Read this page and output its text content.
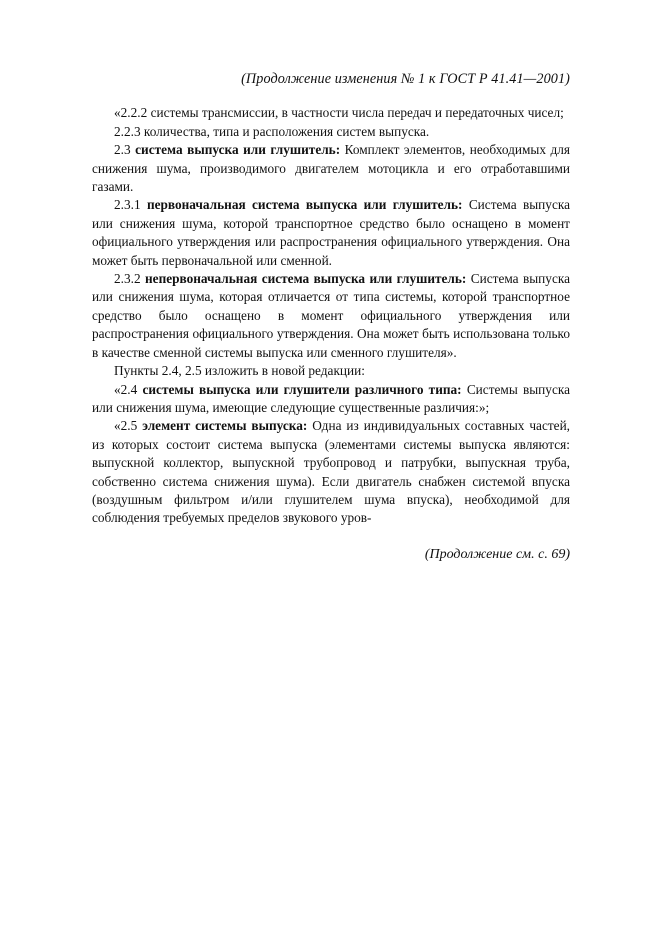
(Продолжение изменения № 1 к ГОСТ Р 41.41—2001)

«2.2.2 системы трансмиссии, в частности числа передач и передаточных чисел;

2.2.3 количества, типа и расположения систем выпуска.

2.3 система выпуска или глушитель: Комплект элементов, необходимых для снижения шума, производимого двигателем мотоцикла и его отработавшими газами.

2.3.1 первоначальная система выпуска или глушитель: Система выпуска или снижения шума, которой транспортное средство было оснащено в момент официального утверждения или распространения официального утверждения. Она может быть первоначальной или сменной.

2.3.2 непервоначальная система выпуска или глушитель: Система выпуска или снижения шума, которая отличается от типа системы, которой транспортное средство было оснащено в момент официального утверждения или распространения официального утверждения. Она может быть использована только в качестве сменной системы выпуска или сменного глушителя».

Пункты 2.4, 2.5 изложить в новой редакции:

«2.4 системы выпуска или глушители различного типа: Системы выпуска или снижения шума, имеющие следующие существенные различия:»;

«2.5 элемент системы выпуска: Одна из индивидуальных составных частей, из которых состоит система выпуска (элементами системы выпуска являются: выпускной коллектор, выпускной трубопровод и патрубки, выпускная труба, собственно система снижения шума). Если двигатель снабжен системой впуска (воздушным фильтром и/или глушителем шума впуска), необходимой для соблюдения требуемых пределов звукового уров-

(Продолжение см. с. 69)
